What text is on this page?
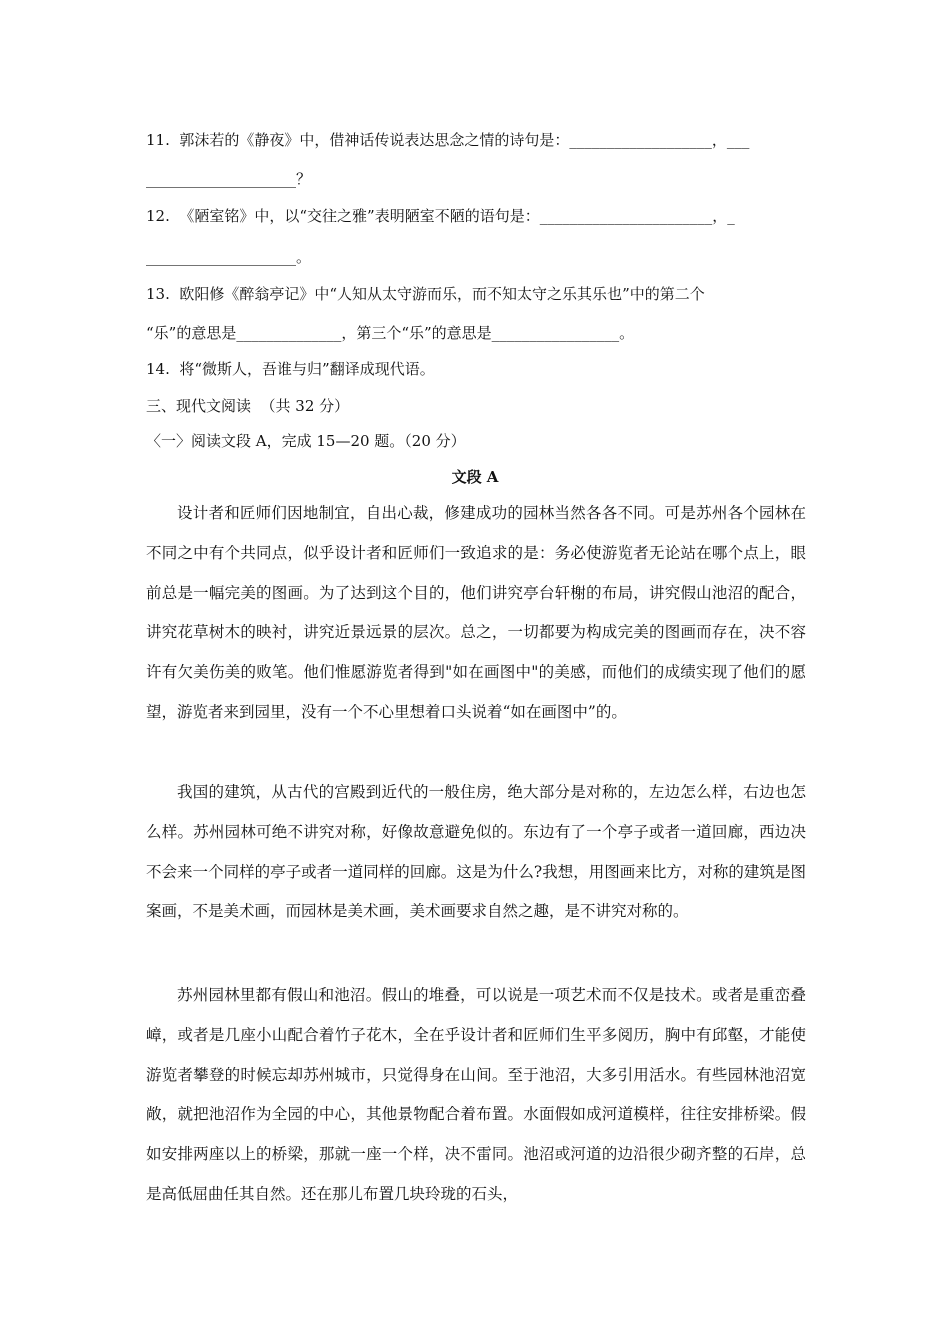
11.  郭沫若的《静夜》中，借神话传说表达思念之情的诗句是：___________________，___
____________________？
12.  《陋室铭》中，以“交往之雅”表明陋室不陋的语句是：_______________________，_
____________________。
13.  欧阳修《醉翁亭记》中“人知从太守游而乐，而不知太守之乐其乐也”中的第二个
“乐”的意思是______________，第三个“乐”的意思是_________________。
14.  将“微斯人，吾谁与归”翻译成现代语。
三、现代文阅读  （共 32 分）
〈一〉阅读文段 A，完成 15—20 题。（20 分）
文段 A

设计者和匠师们因地制宜，自出心裁，修建成功的园林当然各各不同。可是苏州各个园林在不同之中有个共同点，似乎设计者和匠师们一致追求的是：务必使游览者无论站在哪个点上，眼前总是一幅完美的图画。为了达到这个目的，他们讲究亭台轩榭的布局，讲究假山池沼的配合，讲究花草树木的映衬，讲究近景远景的层次。总之，一切都要为构成完美的图画而存在，决不容许有欠美伤美的败笔。他们惟愿游览者得到"如在画图中"的美感，而他们的成绩实现了他们的愿望，游览者来到园里，没有一个不心里想着口头说着“如在画图中”的。

我国的建筑，从古代的宫殿到近代的一般住房，绝大部分是对称的，左边怎么样，右边也怎么样。苏州园林可绝不讲究对称，好像故意避免似的。东边有了一个亭子或者一道回廊，西边决不会来一个同样的亭子或者一道同样的回廊。这是为什么?我想，用图画来比方，对称的建筑是图案画，不是美术画，而园林是美术画，美术画要求自然之趣，是不讲究对称的。

苏州园林里都有假山和池沼。假山的堆叠，可以说是一项艺术而不仅是技术。或者是重峦叠嶂，或者是几座小山配合着竹子花木，全在乎设计者和匠师们生平多阅历，胸中有邱壑，才能使游览者攀登的时候忘却苏州城市，只觉得身在山间。至于池沼，大多引用活水。有些园林池沼宽敞，就把池沼作为全园的中心，其他景物配合着布置。水面假如成河道模样，往往安排桥梁。假如安排两座以上的桥梁，那就一座一个样，决不雷同。池沼或河道的边沿很少砌齐整的石岸，总是高低屈曲任其自然。还在那儿布置几块玲珑的石头，
